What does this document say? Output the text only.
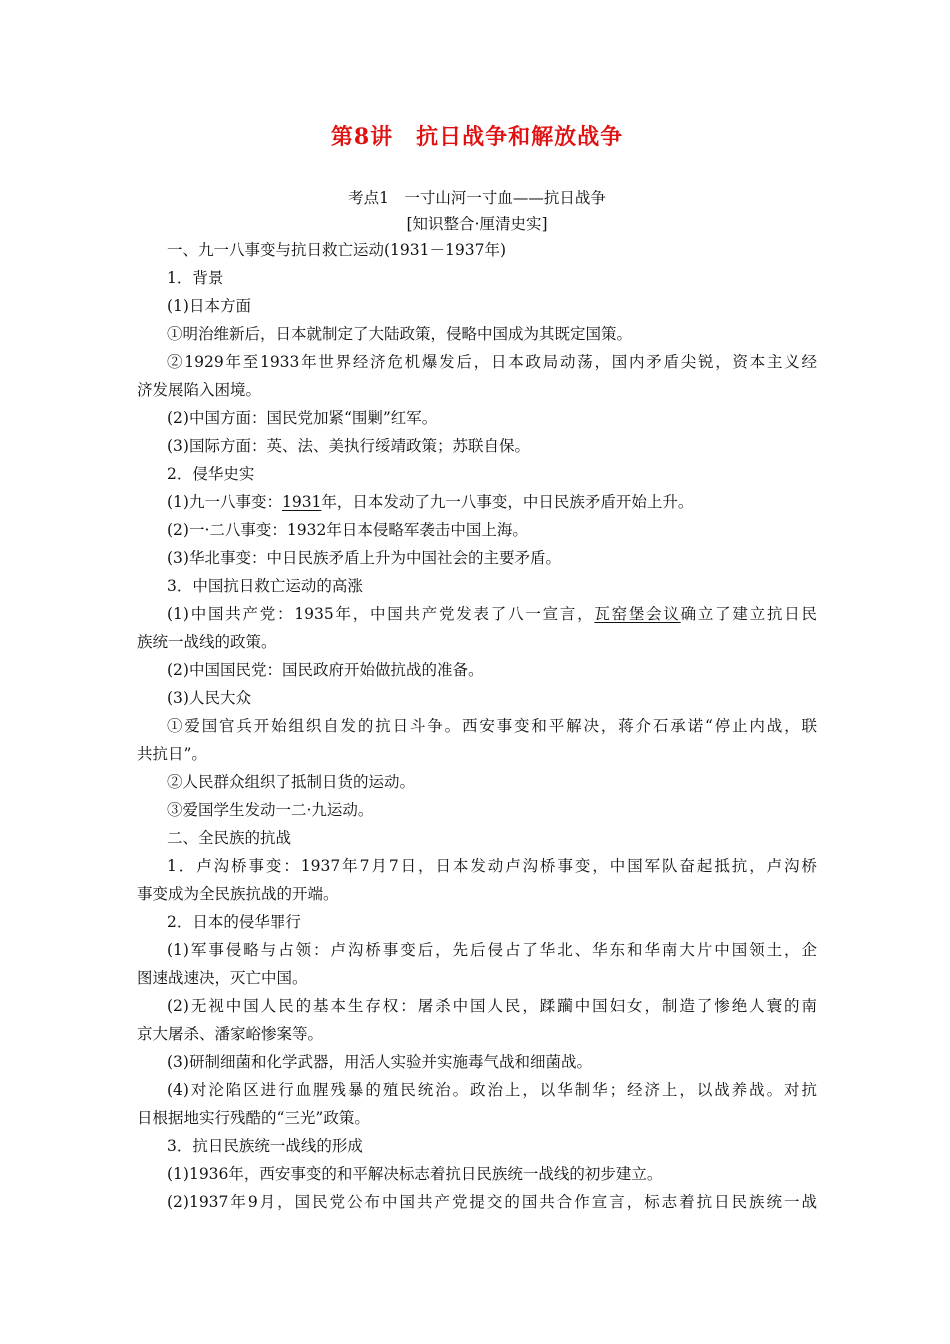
第8讲　抗日战争和解放战争
考点1　一寸山河一寸血——抗日战争
[知识整合·厘清史实]
一、九一八事变与抗日救亡运动(1931－1937年)
1．背景
(1)日本方面
①明治维新后，日本就制定了大陆政策，侵略中国成为其既定国策。
②1929年至1933年世界经济危机爆发后，日本政局动荡，国内矛盾尖锐，资本主义经
济发展陷入困境。
(2)中国方面：国民党加紧“围剿”红军。
(3)国际方面：英、法、美执行绥靖政策；苏联自保。
2．侵华史实
(1)九一八事变：1931年，日本发动了九一八事变，中日民族矛盾开始上升。
(2)一·二八事变：1932年日本侵略军袭击中国上海。
(3)华北事变：中日民族矛盾上升为中国社会的主要矛盾。
3．中国抗日救亡运动的高涨
(1)中国共产党：1935年，中国共产党发表了八一宣言，瓦窑堡会议确立了建立抗日民
族统一战线的政策。
(2)中国国民党：国民政府开始做抗战的准备。
(3)人民大众
①爱国官兵开始组织自发的抗日斗争。西安事变和平解决，蒋介石承诺“停止内战，联
共抗日”。
②人民群众组织了抵制日货的运动。
③爱国学生发动一二·九运动。
二、全民族的抗战
1．卢沟桥事变：1937年7月7日，日本发动卢沟桥事变，中国军队奋起抵抗，卢沟桥
事变成为全民族抗战的开端。
2．日本的侵华罪行
(1)军事侵略与占领：卢沟桥事变后，先后侵占了华北、华东和华南大片中国领土，企
图速战速决，灭亡中国。
(2)无视中国人民的基本生存权：屠杀中国人民，蹂躏中国妇女，制造了惨绝人寰的南
京大屠杀、潘家峪惨案等。
(3)研制细菌和化学武器，用活人实验并实施毒气战和细菌战。
(4)对沦陷区进行血腥残暴的殖民统治。政治上，以华制华；经济上，以战养战。对抗
日根据地实行残酷的“三光”政策。
3．抗日民族统一战线的形成
(1)1936年，西安事变的和平解决标志着抗日民族统一战线的初步建立。
(2)1937年9月，国民党公布中国共产党提交的国共合作宣言，标志着抗日民族统一战
